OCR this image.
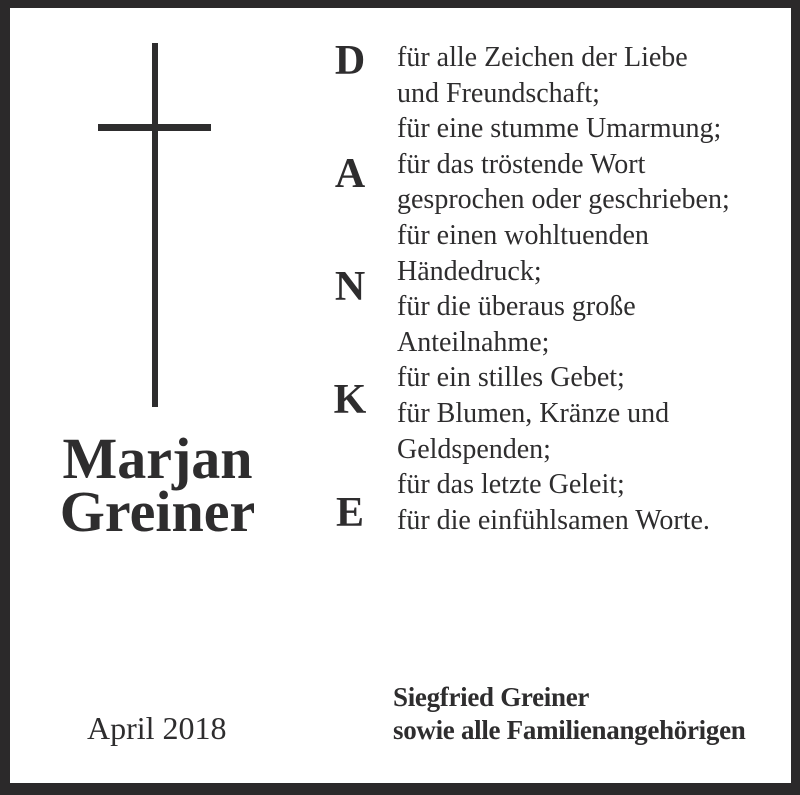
Marjan
Greiner
D
A
N
K
E
für alle Zeichen der Liebe
und Freundschaft;
für eine stumme Umarmung;
für das tröstende Wort
gesprochen oder geschrieben;
für einen wohltuenden
Händedruck;
für die überaus große
Anteilnahme;
für ein stilles Gebet;
für Blumen, Kränze und
Geldspenden;
für das letzte Geleit;
für die einfühlsamen Worte.
April 2018
Siegfried Greiner
sowie alle Familienangehörigen
